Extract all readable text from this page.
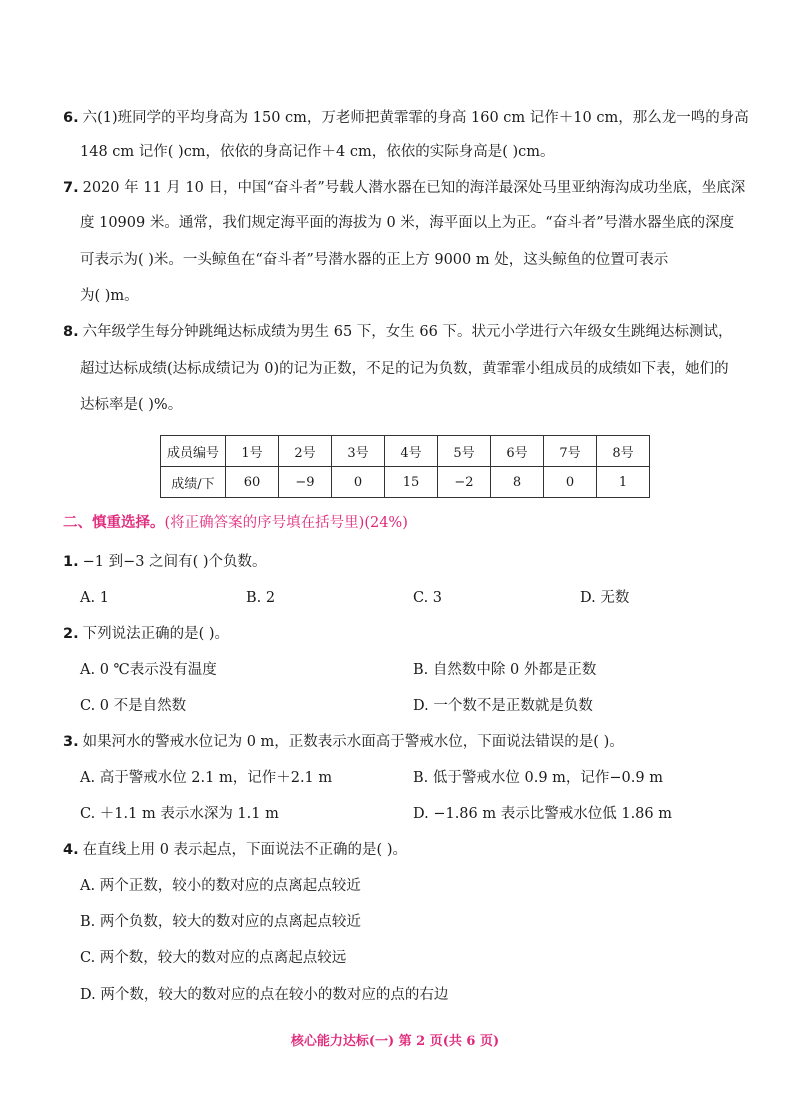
6. 六(1)班同学的平均身高为 150 cm，万老师把黄霏霏的身高 160 cm 记作＋10 cm，那么龙一鸣的身高
148 cm 记作( )cm，依依的身高记作＋4 cm，依依的实际身高是( )cm。
7. 2020 年 11 月 10 日，中国“奋斗者”号载人潜水器在已知的海洋最深处马里亚纳海沟成功坐底，坐底深
度 10909 米。通常，我们规定海平面的海拔为 0 米，海平面以上为正。“奋斗者”号潜水器坐底的深度
可表示为( )米。一头鲸鱼在“奋斗者”号潜水器的正上方 9000 m 处，这头鲸鱼的位置可表示
为( )m。
8. 六年级学生每分钟跳绳达标成绩为男生 65 下，女生 66 下。状元小学进行六年级女生跳绳达标测试，
超过达标成绩(达标成绩记为 0)的记为正数，不足的记为负数，黄霏霏小组成员的成绩如下表，她们的
达标率是( )%。
成员编号	1号	2号	3号	4号	5号	6号	7号	8号
成绩/下	60	−9	0	15	−2	8	0	1
二、慎重选择。(将正确答案的序号填在括号里)(24%)
1. −1 到−3 之间有( )个负数。
A. 1	B. 2	C. 3	D. 无数
2. 下列说法正确的是( )。
A. 0 ℃表示没有温度	B. 自然数中除 0 外都是正数
C. 0 不是自然数	D. 一个数不是正数就是负数
3. 如果河水的警戒水位记为 0 m，正数表示水面高于警戒水位，下面说法错误的是( )。
A. 高于警戒水位 2.1 m，记作＋2.1 m	B. 低于警戒水位 0.9 m，记作−0.9 m
C. ＋1.1 m 表示水深为 1.1 m	D. −1.86 m 表示比警戒水位低 1.86 m
4. 在直线上用 0 表示起点，下面说法不正确的是( )。
A. 两个正数，较小的数对应的点离起点较近
B. 两个负数，较大的数对应的点离起点较近
C. 两个数，较大的数对应的点离起点较远
D. 两个数，较大的数对应的点在较小的数对应的点的右边
核心能力达标(一) 第 2 页(共 6 页)
